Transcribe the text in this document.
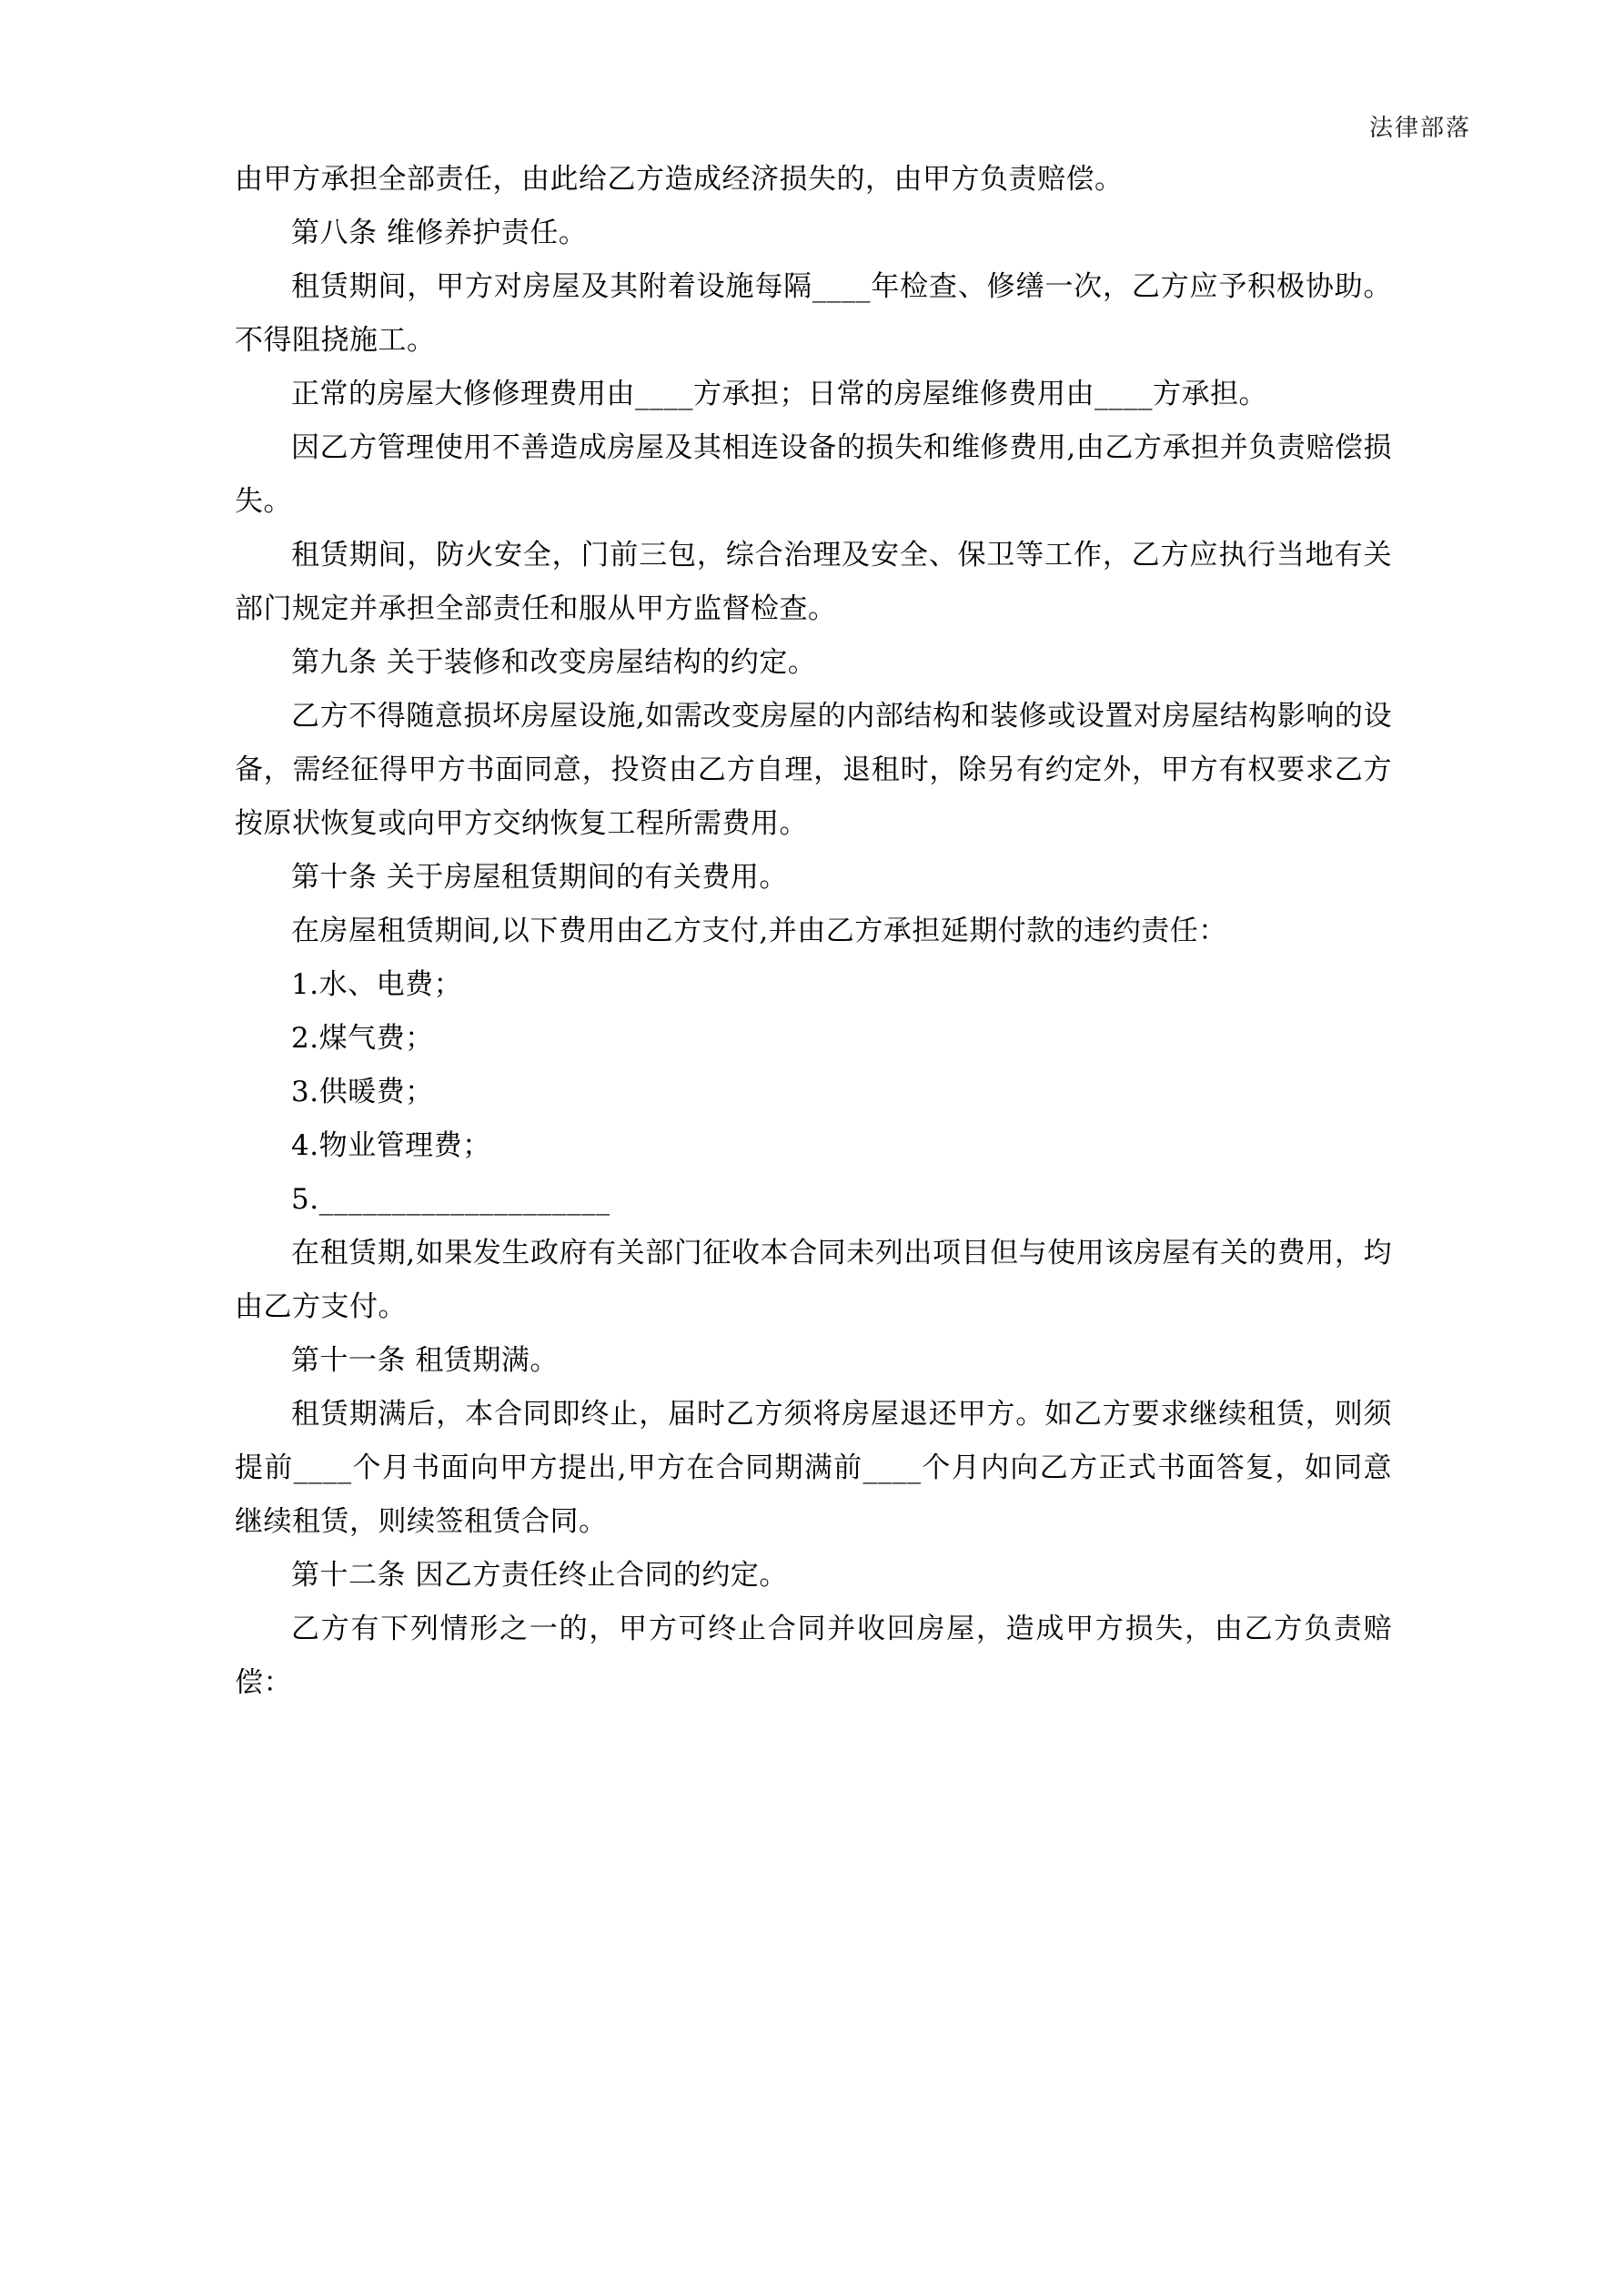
法律部落

由甲方承担全部责任，由此给乙方造成经济损失的，由甲方负责赔偿。

第八条 维修养护责任。

租赁期间，甲方对房屋及其附着设施每隔____年检查、修缮一次，乙方应予积极协助。不得阻挠施工。

正常的房屋大修修理费用由____方承担；日常的房屋维修费用由____方承担。

因乙方管理使用不善造成房屋及其相连设备的损失和维修费用,由乙方承担并负责赔偿损失。

租赁期间，防火安全，门前三包，综合治理及安全、保卫等工作，乙方应执行当地有关部门规定并承担全部责任和服从甲方监督检查。

第九条 关于装修和改变房屋结构的约定。

乙方不得随意损坏房屋设施,如需改变房屋的内部结构和装修或设置对房屋结构影响的设备，需经征得甲方书面同意，投资由乙方自理，退租时，除另有约定外，甲方有权要求乙方按原状恢复或向甲方交纳恢复工程所需费用。

第十条 关于房屋租赁期间的有关费用。

在房屋租赁期间,以下费用由乙方支付,并由乙方承担延期付款的违约责任：

1.水、电费；

2.煤气费；

3.供暖费；

4.物业管理费；

5.____________________

在租赁期,如果发生政府有关部门征收本合同未列出项目但与使用该房屋有关的费用，均由乙方支付。

第十一条 租赁期满。

租赁期满后，本合同即终止，届时乙方须将房屋退还甲方。如乙方要求继续租赁，则须提前____个月书面向甲方提出,甲方在合同期满前____个月内向乙方正式书面答复，如同意继续租赁，则续签租赁合同。

第十二条 因乙方责任终止合同的约定。

乙方有下列情形之一的，甲方可终止合同并收回房屋，造成甲方损失，由乙方负责赔偿：
